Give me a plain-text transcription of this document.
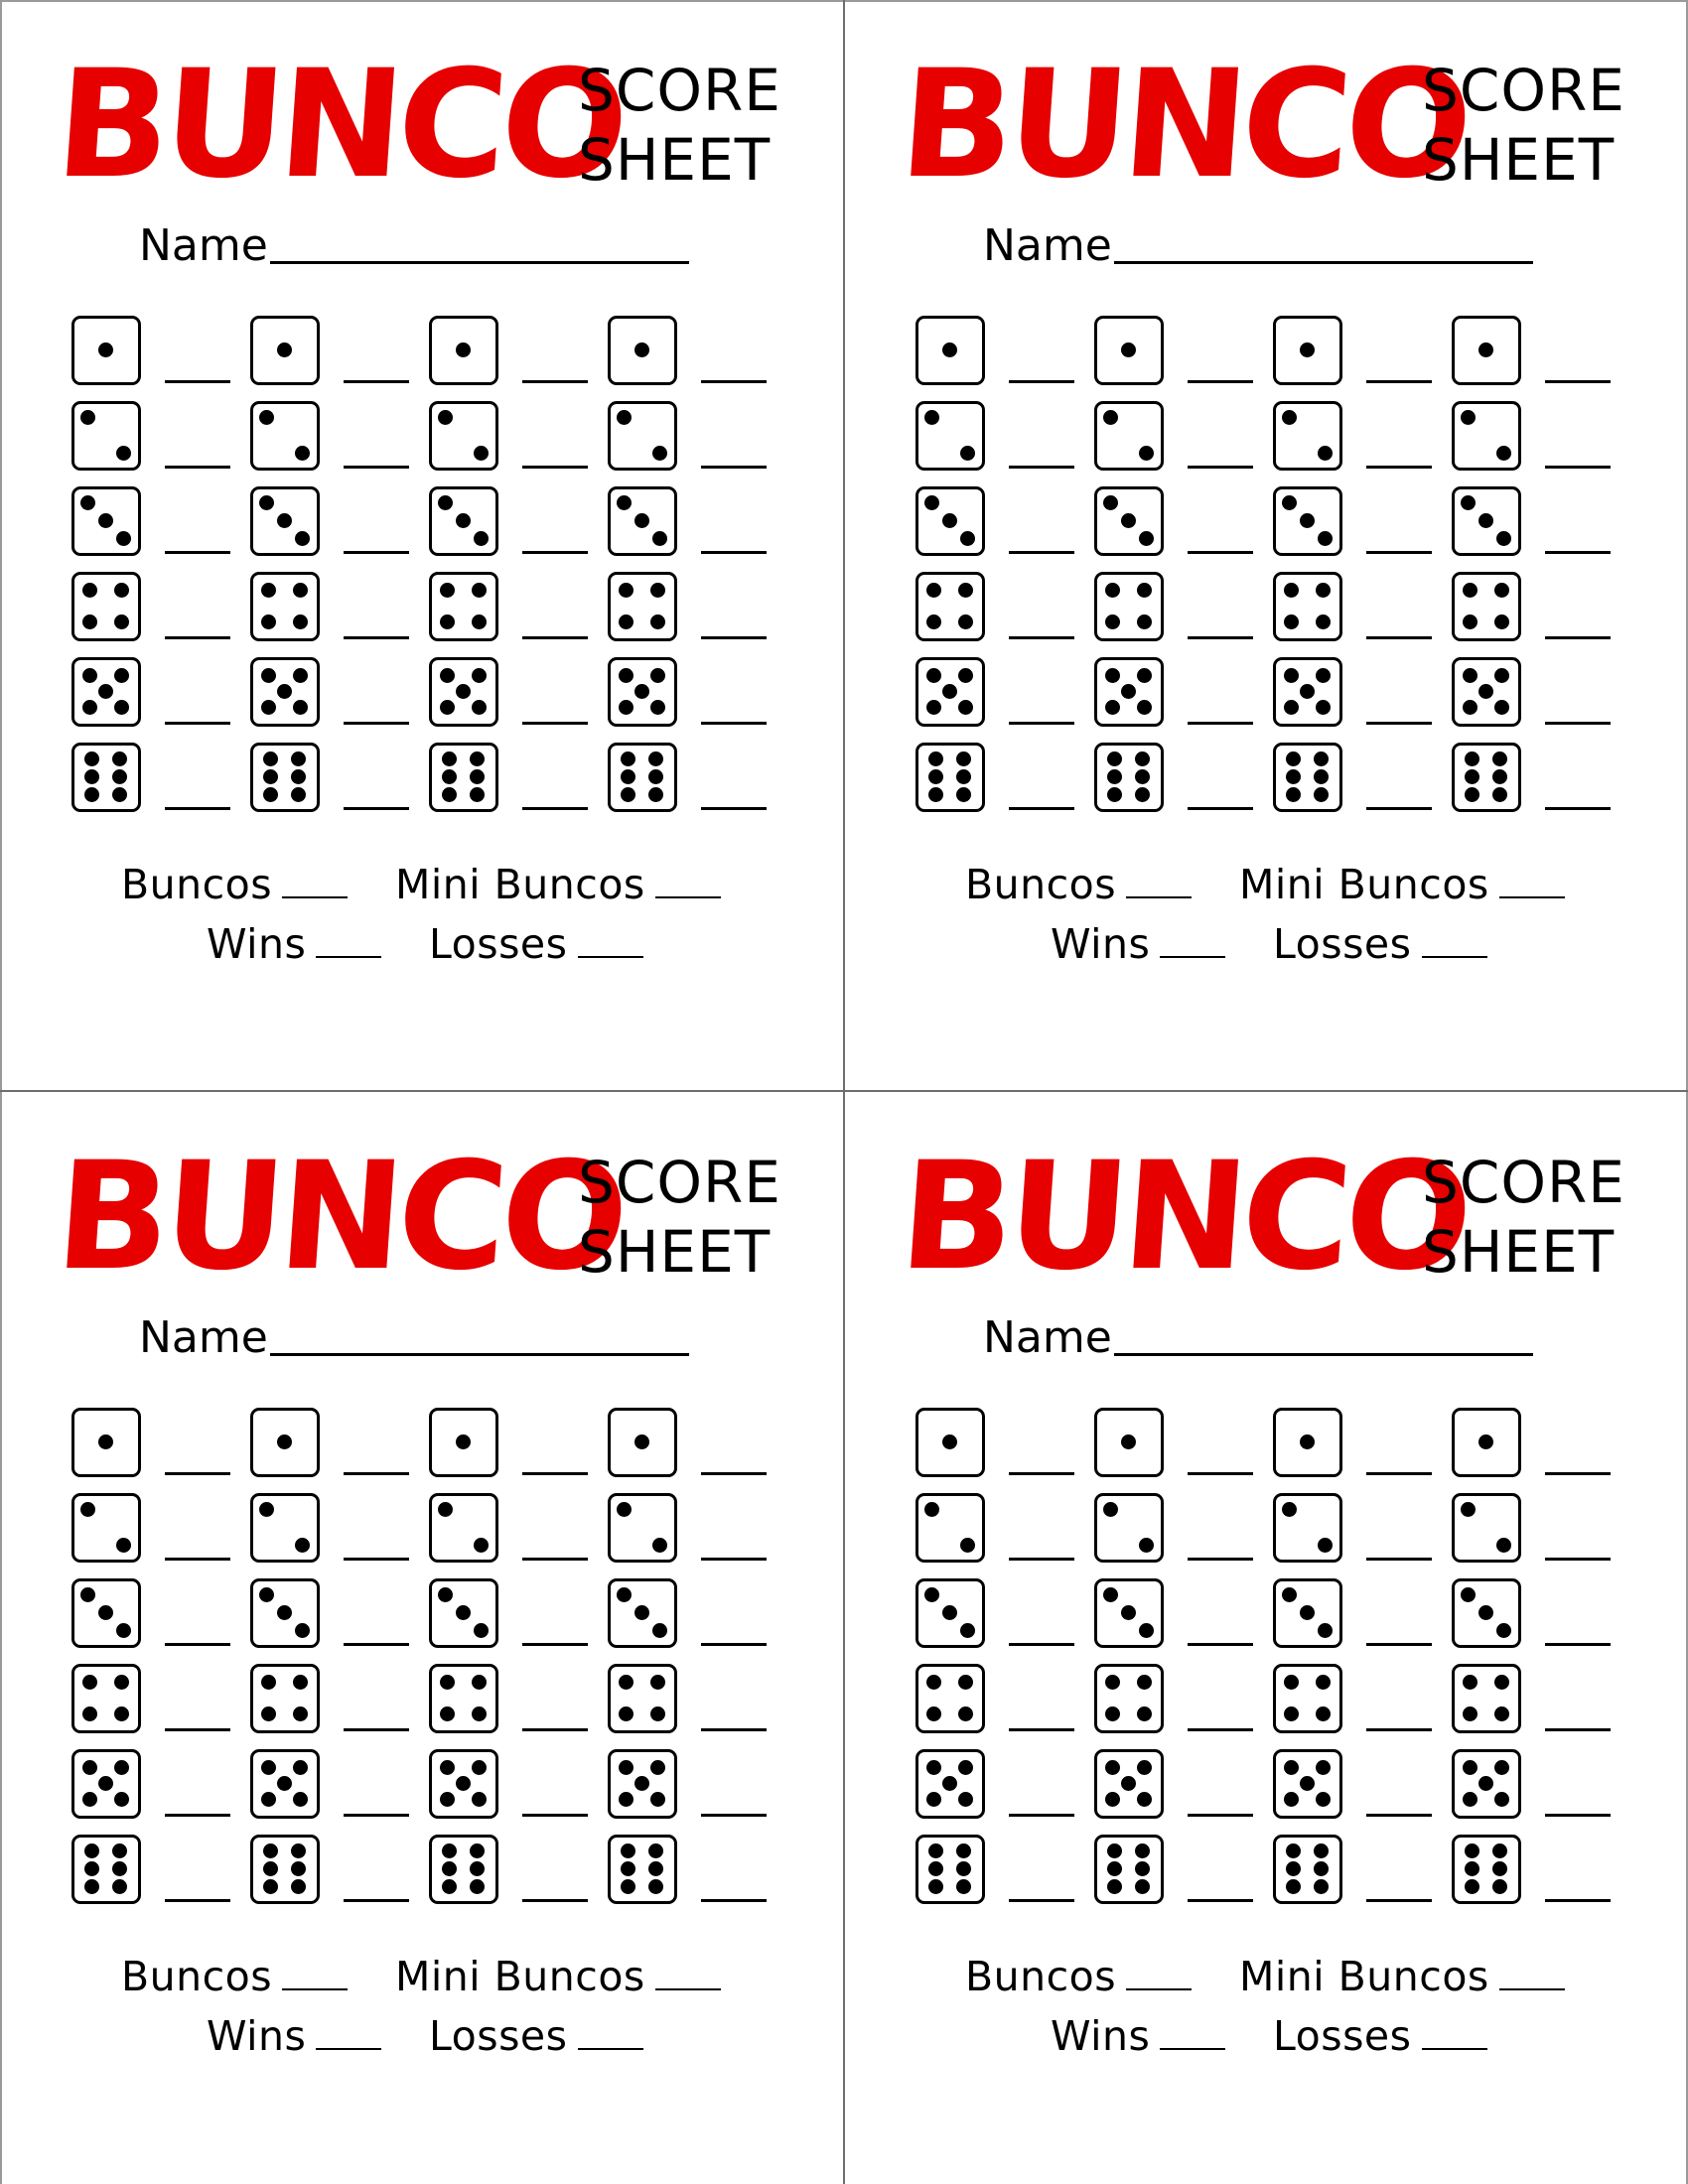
BUNCO
SCORE
SHEET
Name
Buncos	Mini Buncos
Wins	Losses
BUNCO
SCORE
SHEET
Name
Buncos	Mini Buncos
Wins	Losses
BUNCO
SCORE
SHEET
Name
Buncos	Mini Buncos
Wins	Losses
BUNCO
SCORE
SHEET
Name
Buncos	Mini Buncos
Wins	Losses
